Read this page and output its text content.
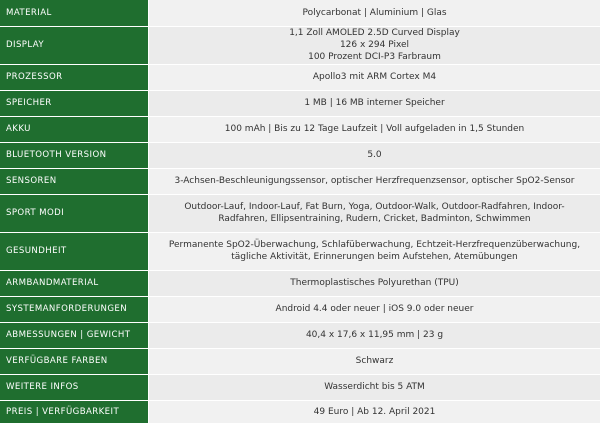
MATERIAL	Polycarbonat | Aluminium | Glas

DISPLAY	1,1 Zoll AMOLED 2.5D Curved Display
126 x 294 Pixel
100 Prozent DCI-P3 Farbraum

PROZESSOR	Apollo3 mit ARM Cortex M4

SPEICHER	1 MB | 16 MB interner Speicher

AKKU	100 mAh | Bis zu 12 Tage Laufzeit | Voll aufgeladen in 1,5 Stunden

BLUETOOTH VERSION	5.0

SENSOREN	3-Achsen-Beschleunigungssensor, optischer Herzfrequenzsensor, optischer SpO2-Sensor

SPORT MODI	Outdoor-Lauf, Indoor-Lauf, Fat Burn, Yoga, Outdoor-Walk, Outdoor-Radfahren, Indoor-
Radfahren, Ellipsentraining, Rudern, Cricket, Badminton, Schwimmen

GESUNDHEIT	Permanente SpO2-Überwachung, Schlafüberwachung, Echtzeit-Herzfrequenzüberwachung,
tägliche Aktivität, Erinnerungen beim Aufstehen, Atemübungen

ARMBANDMATERIAL	Thermoplastisches Polyurethan (TPU)

SYSTEMANFORDERUNGEN	Android 4.4 oder neuer | iOS 9.0 oder neuer

ABMESSUNGEN | GEWICHT	40,4 x 17,6 x 11,95 mm | 23 g

VERFÜGBARE FARBEN	Schwarz

WEITERE INFOS	Wasserdicht bis 5 ATM

PREIS | VERFÜGBARKEIT	49 Euro | Ab 12. April 2021
